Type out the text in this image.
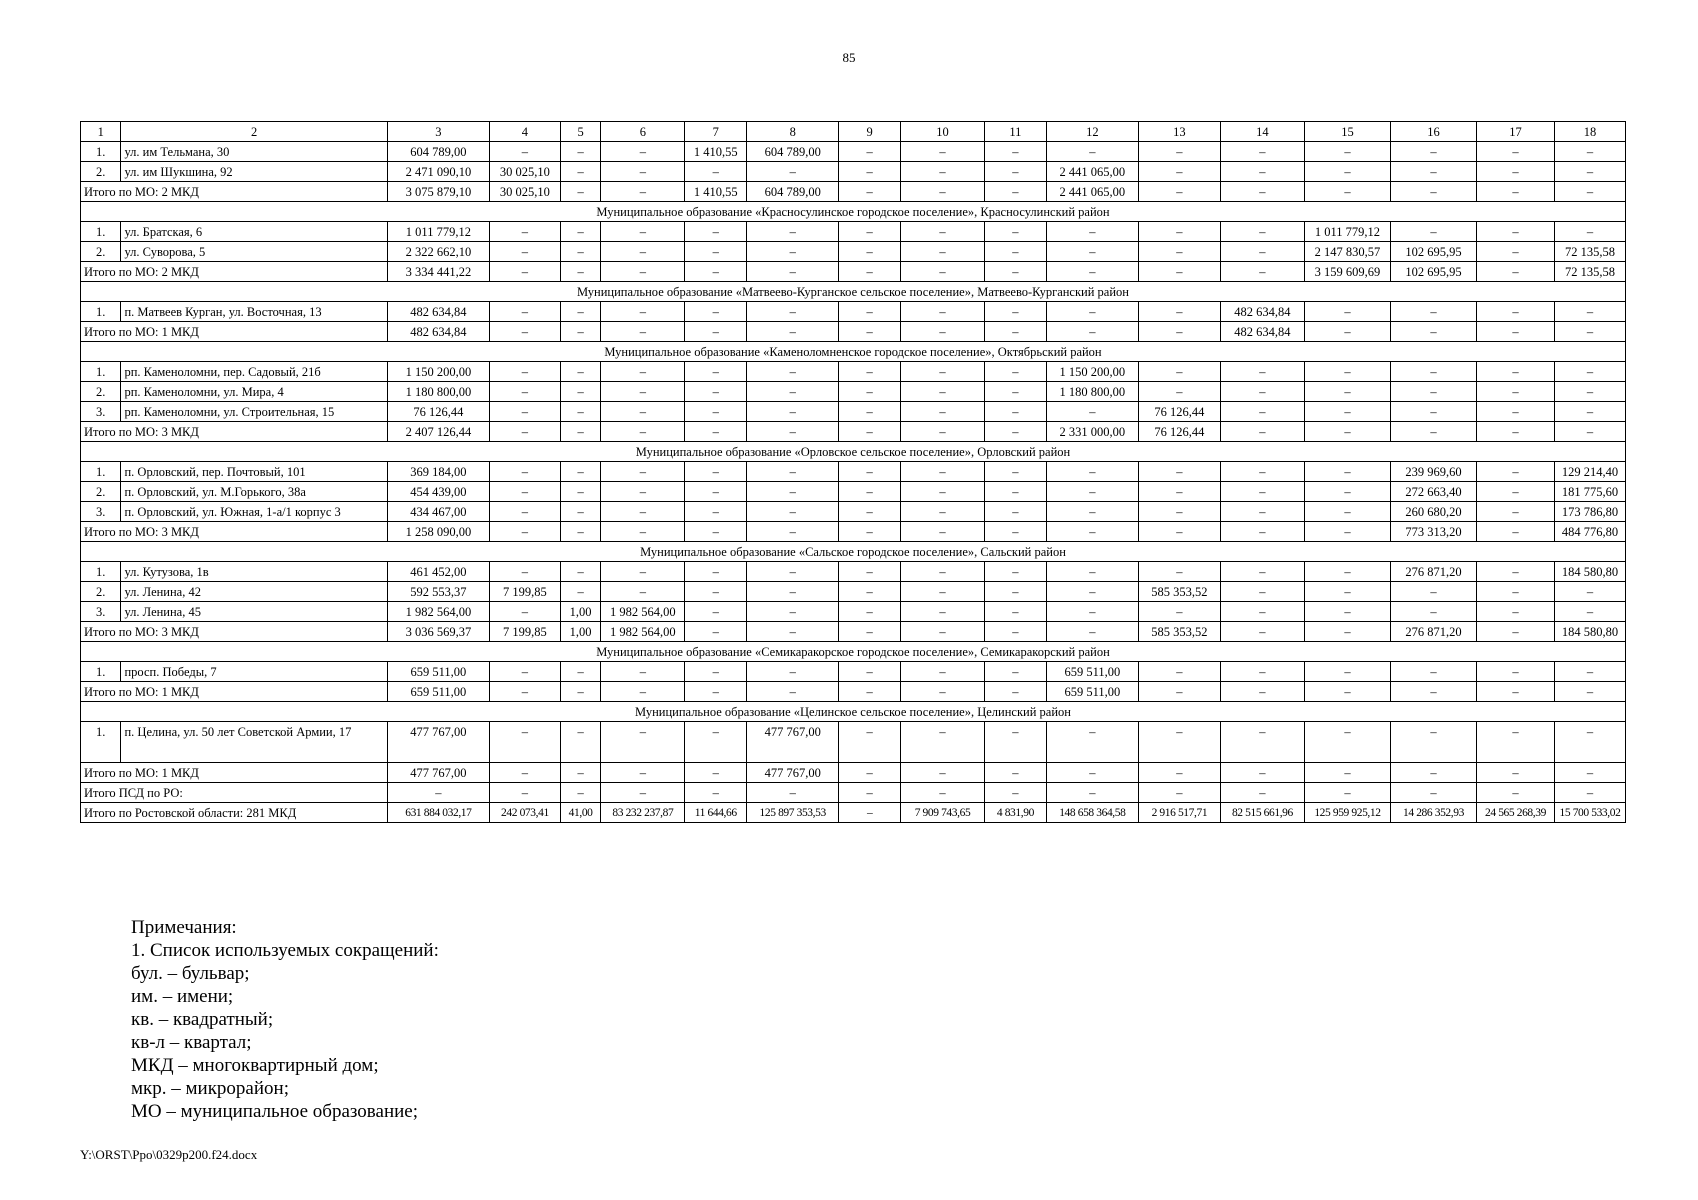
85
1	2	3	4	5	6	7	8	9	10	11	12	13	14	15	16	17	18
1.	ул. им Тельмана, 30	604 789,00	–	–	–	1 410,55	604 789,00	–	–	–	–	–	–	–	–	–	–
2.	ул. им Шукшина, 92	2 471 090,10	30 025,10	–	–	–	–	–	–	–	2 441 065,00	–	–	–	–	–	–
Итого по МО: 2 МКД		3 075 879,10	30 025,10	–	–	1 410,55	604 789,00	–	–	–	2 441 065,00	–	–	–	–	–	–
Муниципальное образование «Красносулинское городское поселение», Красносулинский район																	
1.	ул. Братская, 6	1 011 779,12	–	–	–	–	–	–	–	–	–	–	–	1 011 779,12	–	–	–
2.	ул. Суворова, 5	2 322 662,10	–	–	–	–	–	–	–	–	–	–	–	2 147 830,57	102 695,95	–	72 135,58
Итого по МО: 2 МКД		3 334 441,22	–	–	–	–	–	–	–	–	–	–	–	3 159 609,69	102 695,95	–	72 135,58
Муниципальное образование «Матвеево-Курганское сельское поселение», Матвеево-Курганский район																	
1.	п. Матвеев Курган, ул. Восточная, 13	482 634,84	–	–	–	–	–	–	–	–	–	–	482 634,84	–	–	–	–
Итого по МО: 1 МКД		482 634,84	–	–	–	–	–	–	–	–	–	–	482 634,84	–	–	–	–
Муниципальное образование «Каменоломненское городское поселение», Октябрьский район																	
1.	рп. Каменоломни, пер. Садовый, 21б	1 150 200,00	–	–	–	–	–	–	–	–	1 150 200,00	–	–	–	–	–	–
2.	рп. Каменоломни, ул. Мира, 4	1 180 800,00	–	–	–	–	–	–	–	–	1 180 800,00	–	–	–	–	–	–
3.	рп. Каменоломни, ул. Строительная, 15	76 126,44	–	–	–	–	–	–	–	–	–	76 126,44	–	–	–	–	–
Итого по МО: 3 МКД		2 407 126,44	–	–	–	–	–	–	–	–	2 331 000,00	76 126,44	–	–	–	–	–
Муниципальное образование «Орловское сельское поселение», Орловский район																	
1.	п. Орловский, пер. Почтовый, 101	369 184,00	–	–	–	–	–	–	–	–	–	–	–	–	239 969,60	–	129 214,40
2.	п. Орловский, ул. М.Горького, 38а	454 439,00	–	–	–	–	–	–	–	–	–	–	–	–	272 663,40	–	181 775,60
3.	п. Орловский, ул. Южная, 1-а/1 корпус 3	434 467,00	–	–	–	–	–	–	–	–	–	–	–	–	260 680,20	–	173 786,80
Итого по МО: 3 МКД		1 258 090,00	–	–	–	–	–	–	–	–	–	–	–	–	773 313,20	–	484 776,80
Муниципальное образование «Сальское городское поселение», Сальский район																	
1.	ул. Кутузова, 1в	461 452,00	–	–	–	–	–	–	–	–	–	–	–	–	276 871,20	–	184 580,80
2.	ул. Ленина, 42	592 553,37	7 199,85	–	–	–	–	–	–	–	–	585 353,52	–	–	–	–	–
3.	ул. Ленина, 45	1 982 564,00	–	1,00	1 982 564,00	–	–	–	–	–	–	–	–	–	–	–	–
Итого по МО: 3 МКД		3 036 569,37	7 199,85	1,00	1 982 564,00	–	–	–	–	–	–	585 353,52	–	–	276 871,20	–	184 580,80
Муниципальное образование «Семикаракорское городское поселение», Семикаракорский район																	
1.	просп. Победы, 7	659 511,00	–	–	–	–	–	–	–	–	659 511,00	–	–	–	–	–	–
Итого по МО: 1 МКД		659 511,00	–	–	–	–	–	–	–	–	659 511,00	–	–	–	–	–	–
Муниципальное образование «Целинское сельское поселение», Целинский район																	
1.	п. Целина, ул. 50 лет Советской Армии, 17	477 767,00	–	–	–	–	477 767,00	–	–	–	–	–	–	–	–	–	–
Итого по МО: 1 МКД		477 767,00	–	–	–	–	477 767,00	–	–	–	–	–	–	–	–	–	–
Итого ПСД по РО:		–	–	–	–	–	–	–	–	–	–	–	–	–	–	–	–
Итого по Ростовской области: 281 МКД		631 884 032,17	242 073,41	41,00	83 232 237,87	11 644,66	125 897 353,53	–	7 909 743,65	4 831,90	148 658 364,58	2 916 517,71	82 515 661,96	125 959 925,12	14 286 352,93	24 565 268,39	15 700 533,02
Примечания:
1. Список используемых сокращений:
бул. – бульвар;
им. – имени;
кв. – квадратный;
кв-л – квартал;
МКД – многоквартирный дом;
мкр. – микрорайон;
МО – муниципальное образование;
Y:\ORST\Ppo\0329p200.f24.docx
